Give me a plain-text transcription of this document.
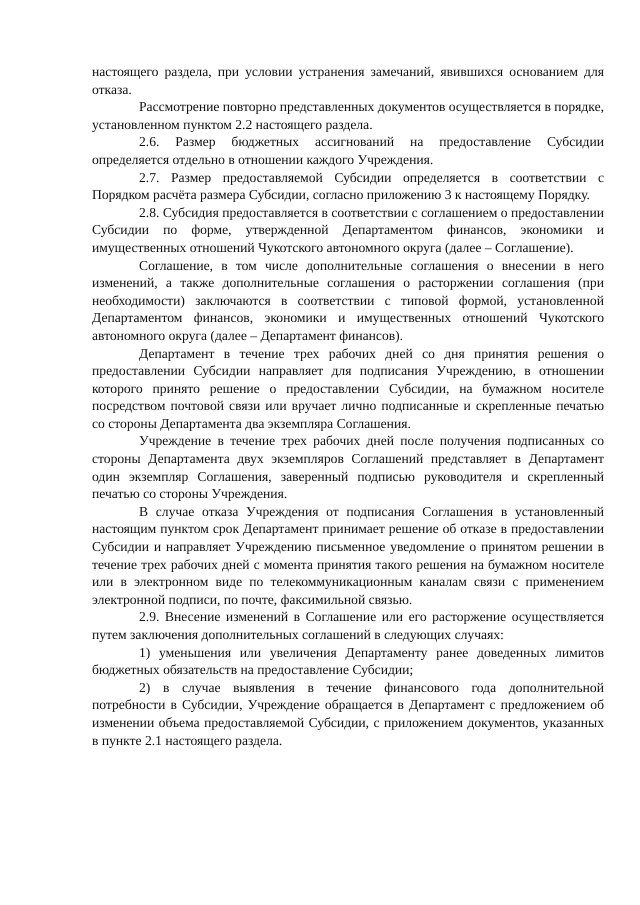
настоящего раздела, при условии устранения замечаний, явившихся основанием для отказа.

Рассмотрение повторно представленных документов осуществляется в порядке, установленном пунктом 2.2 настоящего раздела.

2.6. Размер бюджетных ассигнований на предоставление Субсидии определяется отдельно в отношении каждого Учреждения.

2.7. Размер предоставляемой Субсидии определяется в соответствии с Порядком расчёта размера Субсидии, согласно приложению 3 к настоящему Порядку.

2.8. Субсидия предоставляется в соответствии с соглашением о предоставлении Субсидии по форме, утвержденной Департаментом финансов, экономики и имущественных отношений Чукотского автономного округа (далее – Соглашение).

Соглашение, в том числе дополнительные соглашения о внесении в него изменений, а также дополнительные соглашения о расторжении соглашения (при необходимости) заключаются в соответствии с типовой формой, установленной Департаментом финансов, экономики и имущественных отношений Чукотского автономного округа (далее – Департамент финансов).

Департамент в течение трех рабочих дней со дня принятия решения о предоставлении Субсидии направляет для подписания Учреждению, в отношении которого принято решение о предоставлении Субсидии, на бумажном носителе посредством почтовой связи или вручает лично подписанные и скрепленные печатью со стороны Департамента два экземпляра Соглашения.

Учреждение в течение трех рабочих дней после получения подписанных со стороны Департамента двух экземпляров Соглашений представляет в Департамент один экземпляр Соглашения, заверенный подписью руководителя и скрепленный печатью со стороны Учреждения.

В случае отказа Учреждения от подписания Соглашения в установленный настоящим пунктом срок Департамент принимает решение об отказе в предоставлении Субсидии и направляет Учреждению письменное уведомление о принятом решении в течение трех рабочих дней с момента принятия такого решения на бумажном носителе или в электронном виде по телекоммуникационным каналам связи с применением электронной подписи, по почте, факсимильной связью.

2.9. Внесение изменений в Соглашение или его расторжение осуществляется путем заключения дополнительных соглашений в следующих случаях:

1) уменьшения или увеличения Департаменту ранее доведенных лимитов бюджетных обязательств на предоставление Субсидии;

2) в случае выявления в течение финансового года дополнительной потребности в Субсидии, Учреждение обращается в Департамент с предложением об изменении объема предоставляемой Субсидии, с приложением документов, указанных в пункте 2.1 настоящего раздела.
